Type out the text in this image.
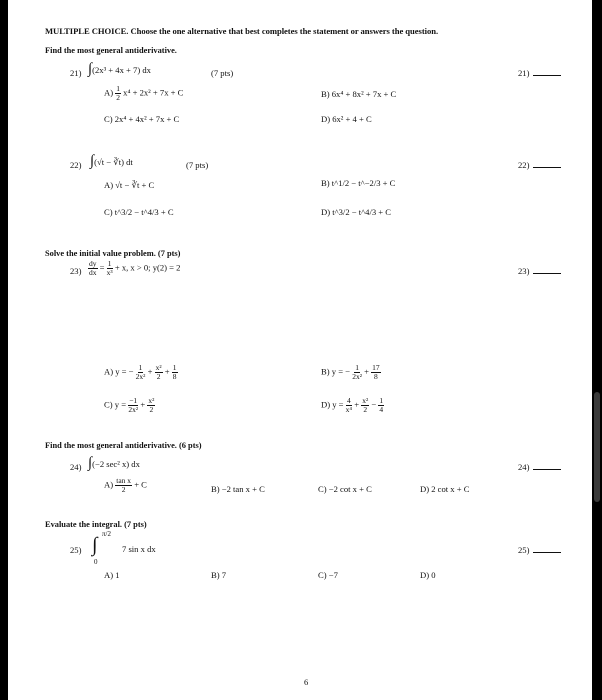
MULTIPLE CHOICE. Choose the one alternative that best completes the statement or answers the question.
Find the most general antiderivative.
21) ∫(2x³ + 4x + 7) dx	(7 pts)	21)
$A) \frac{1}{2} x^4 + 2x^2 + 7x + C$	B) 6x⁴ + 8x² + 7x + C
C) 2x⁴ + 4x² + 7x + C	D) 6x² + 4 + C
22) ∫(√t − ∛t) dt	(7 pts)	22)
A) √t − ∛t + C	B) t^1/2 − t^−2/3 + C
C) t^3/2 − t^4/3 + C	D) t^3/2 − t^4/3 + C
Solve the initial value problem. (7 pts)
$23) \frac{dy}{dx} = \frac{1}{\text{x³}} + x$, x > 0; y(2) = 2	23)
A) y = − $\frac{1}{\text{2x²}} + \frac{\text{x²}}{2} + \frac{1}{8}$	B) y = − $\frac{1}{\text{2x²}} + \frac{17}{8}$
C) $y = \frac{-1}{\text{2x²}} + \frac{\text{x²}}{2}$	D) $y = \frac{4}{\text{x⁴}} + \frac{\text{x²}}{2} - \frac{1}{4}$
Find the most general antiderivative. (6 pts)
24) ∫(−2 sec² x) dx	24)
$A) \frac{\text{tan x}}{2} + C$	B) −2 tan x + C	C) −2 cot x + C	D) 2 cot x + C
Evaluate the integral. (7 pts)
25)
π/2
∫
0
7 sin x dx	25)
A) 1	B) 7	C) −7	D) 0
6
